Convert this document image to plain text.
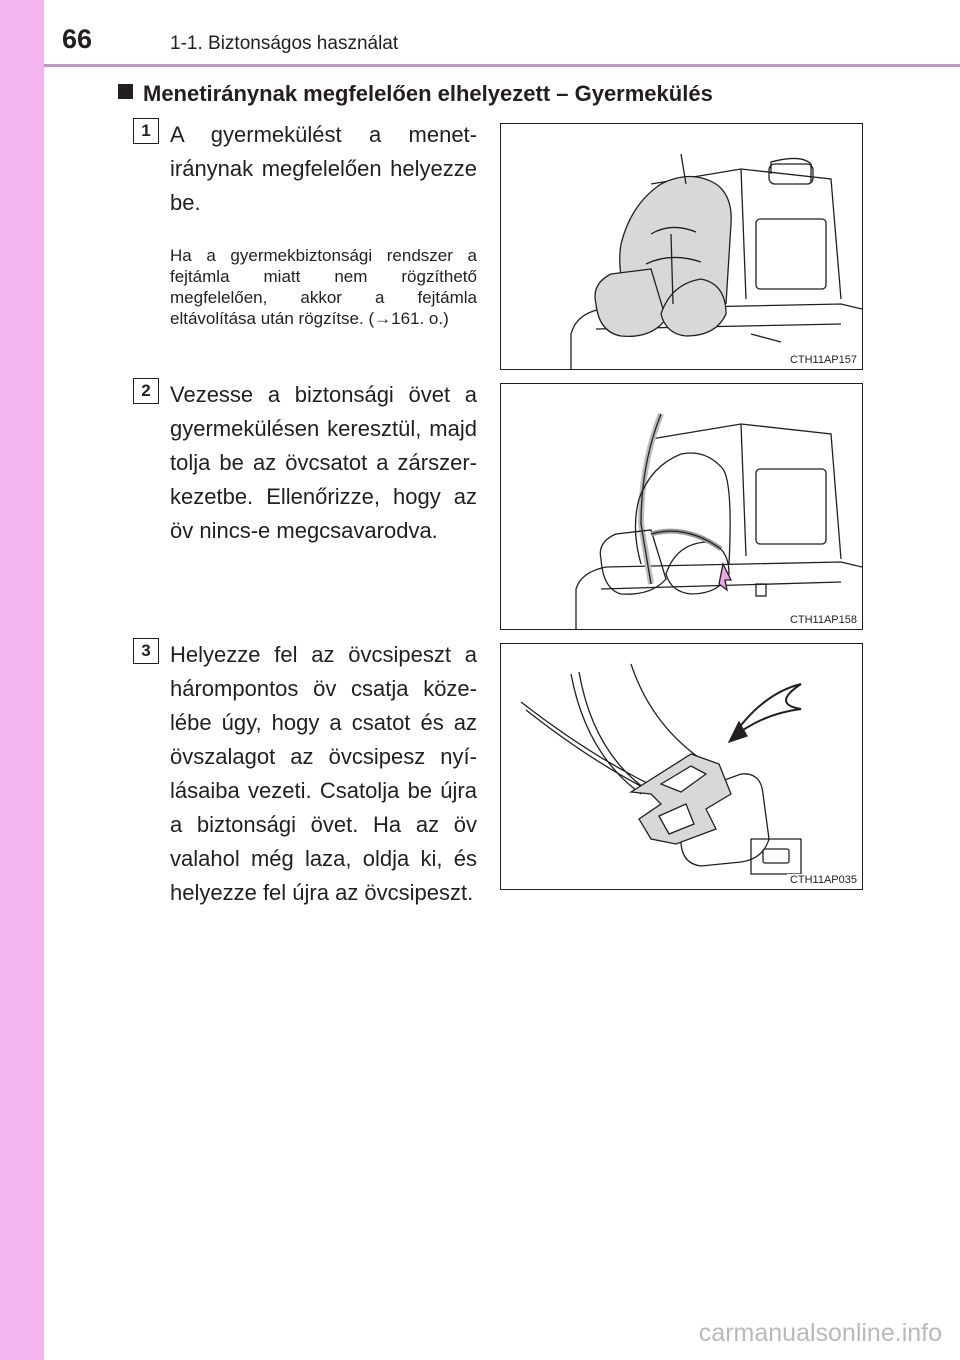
66	1-1. Biztonságos használat
Menetiránynak megfelelően elhelyezett – Gyermekülés
1 A gyermekülést a menetiránynak megfelelően helyezze be.
Ha a gyermekbiztonsági rendszer a fejtámla miatt nem rögzíthető megfelelően, akkor a fejtámla eltávolítása után rögzítse. (→161. o.)
CTH11AP157
2 Vezesse a biztonsági övet a gyermekülésen keresztül, majd tolja be az övcsatot a zárszerkezetbe. Ellenőrizze, hogy az öv nincs-e megcsavarodva.
CTH11AP158
3 Helyezze fel az övcsipeszt a hárompontos öv csatja közelébe úgy, hogy a csatot és az övszalagot az övcsipesz nyílásaiba vezeti. Csatolja be újra a biztonsági övet. Ha az öv valahol még laza, oldja ki, és helyezze fel újra az övcsipeszt.	CTH11AP035
carmanualsonline.info
